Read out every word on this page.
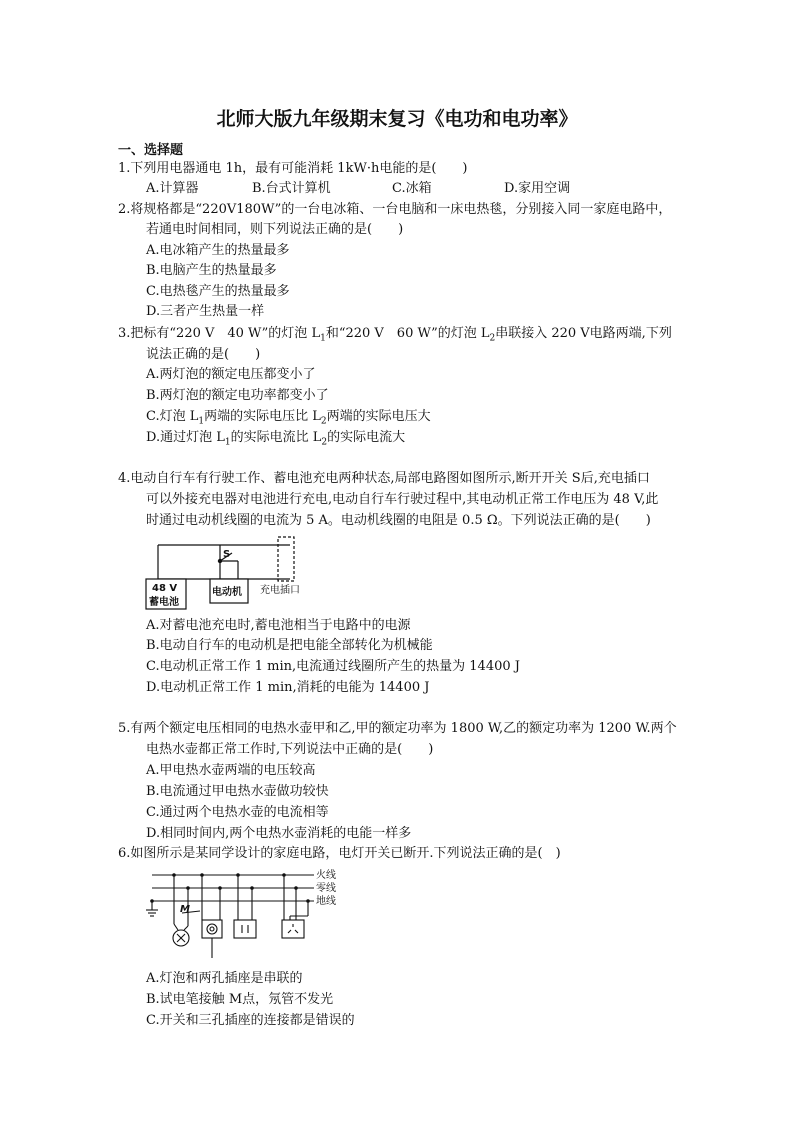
北师大版九年级期末复习《电功和电功率》
一、选择题
1.下列用电器通电 1h，最有可能消耗 1kW·h电能的是(　　)
A.计算器	B.台式计算机	C.冰箱	D.家用空调
2.将规格都是“220V180W”的一台电冰箱、一台电脑和一床电热毯，分别接入同一家庭电路中，
若通电时间相同，则下列说法正确的是(　　)
A.电冰箱产生的热量最多
B.电脑产生的热量最多
C.电热毯产生的热量最多
D.三者产生热量一样
3.把标有“220 V　40 W”的灯泡 $L_1$和“220 V　60 W”的灯泡 $L_2$串联接入 220 V电路两端,下列
说法正确的是(　　)
A.两灯泡的额定电压都变小了
B.两灯泡的额定电功率都变小了
C.灯泡 $L_1$两端的实际电压比 $L_2$两端的实际电压大
D.通过灯泡 $L_1$的实际电流比 $L_2$的实际电流大
4.电动自行车有行驶工作、蓄电池充电两种状态,局部电路图如图所示,断开开关 S后,充电插口
可以外接充电器对电池进行充电,电动自行车行驶过程中,其电动机正常工作电压为 48 V,此
时通过电动机线圈的电流为 5 A。电动机线圈的电阻是 0.5 Ω。下列说法正确的是(　　)
S
48 V
蓄电池
电动机 充电插口
A.对蓄电池充电时,蓄电池相当于电路中的电源
B.电动自行车的电动机是把电能全部转化为机械能
C.电动机正常工作 1 min,电流通过线圈所产生的热量为 14400 J
D.电动机正常工作 1 min,消耗的电能为 14400 J
5.有两个额定电压相同的电热水壶甲和乙,甲的额定功率为 1800 W,乙的额定功率为 1200 W.两个
电热水壶都正常工作时,下列说法中正确的是(　　)
A.甲电热水壶两端的电压较高
B.电流通过甲电热水壶做功较快
C.通过两个电热水壶的电流相等
D.相同时间内,两个电热水壶消耗的电能一样多
6.如图所示是某同学设计的家庭电路，电灯开关已断开.下列说法正确的是(　)
火线
零线
地线
M
A.灯泡和两孔插座是串联的
B.试电笔接触 M点，氖管不发光
C.开关和三孔插座的连接都是错误的
